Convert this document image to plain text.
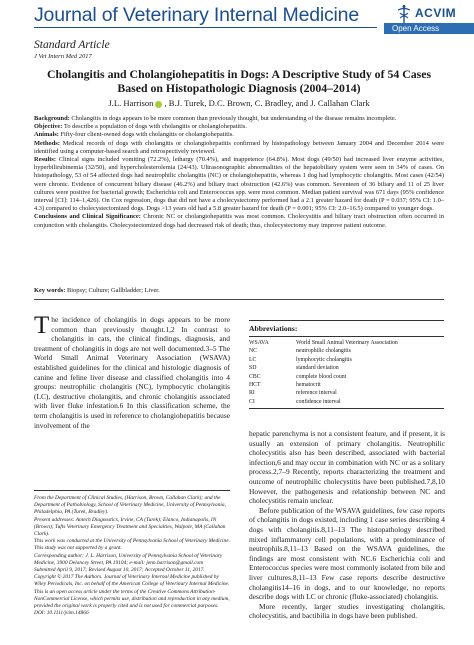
Journal of Veterinary Internal Medicine	ACVIM
Open Access
Standard Article
J Vet Intern Med 2017
Cholangitis and Cholangiohepatitis in Dogs: A Descriptive Study of 54 Cases Based on Histopathologic Diagnosis (2004–2014)
J.L. Harrison , B.J. Turek, D.C. Brown, C. Bradley, and J. Callahan Clark

Background: Cholangitis in dogs appears to be more common than previously thought, but understanding of the disease remains incomplete.

Objective: To describe a population of dogs with cholangitis or cholangiohepatitis.

Animals: Fifty-four client-owned dogs with cholangitis or cholangiohepatitis.

Methods: Medical records of dogs with cholangitis or cholangiohepatitis confirmed by histopathology between January 2004 and December 2014 were identified using a computer-based search and retrospectively reviewed.

Results: Clinical signs included vomiting (72.2%), lethargy (70.4%), and inappetence (64.8%). Most dogs (49/50) had increased liver enzyme activities, hyperbilirubinemia (32/50), and hypercholesterolemia (24/43). Ultrasonographic abnormalities of the hepatobiliary system were seen in 34% of cases. On histopathology, 53 of 54 affected dogs had neutrophilic cholangitis (NC) or cholangiohepatitis, whereas 1 dog had lymphocytic cholangitis. Most cases (42/54) were chronic. Evidence of concurrent biliary disease (46.2%) and biliary tract obstruction (42.6%) was common. Seventeen of 36 biliary and 11 of 25 liver cultures were positive for bacterial growth; Escherichia coli and Enterococcus spp. were most common. Median patient survival was 671 days (95% confidence interval [CI]: 114–1,426). On Cox regression, dogs that did not have a cholecystectomy performed had a 2.1 greater hazard for death (P = 0.037; 95% CI: 1.0–4.3) compared to cholecystectomized dogs. Dogs >13 years old had a 5.8 greater hazard for death (P = 0.001; 95% CI: 2.0–16.5) compared to younger dogs.

Conclusions and Clinical Significance: Chronic NC or cholangiohepatitis was most common. Cholecystitis and biliary tract obstruction often occurred in conjunction with cholangitis. Cholecystectomized dogs had decreased risk of death; thus, cholecystectomy may improve patient outcome.

Key words: Biopsy; Culture; Gallbladder; Liver.

The incidence of cholangitis in dogs appears to be more common than previously thought.1,2 In contrast to cholangitis in cats, the clinical findings, diagnosis, and treatment of cholangitis in dogs are not well documented.3–5 The World Small Animal Veterinary Association (WSAVA) established guidelines for the clinical and histologic diagnosis of canine and feline liver disease and classified cholangitis into 4 groups: neutrophilic cholangitis (NC), lymphocytic cholangitis (LC), destructive cholangitis, and chronic cholangitis associated with liver fluke infestation.6 In this classification scheme, the term cholangitis is used in reference to cholangiohepatitis because involvement of the

From the Department of Clinical Studies, (Harrison, Brown, Callahan Clark); and the Department of Pathobiology, School of Veterinary Medicine, University of Pennsylvania, Philadelphia, PA (Turek, Bradley).

Present addresses: Antech Diagnostics, Irvine, CA (Turek); Elanco, Indianapolis, IN (Brown); Tufts Veterinary Emergency Treatment and Specialties, Walpole, MA (Callahan Clark).

This work was conducted at the University of Pennsylvania School of Veterinary Medicine.

This study was not supported by a grant.

Corresponding author: J. L. Harrison, University of Pennsylvania School of Veterinary Medicine, 3900 Delancey Street, PA 19104; e-mail: jenn.harrison@gmail.com

Submitted April 9, 2017; Revised August 10, 2017; Accepted October 11, 2017.

Copyright © 2017 The Authors. Journal of Veterinary Internal Medicine published by Wiley Periodicals, Inc. on behalf of the American College of Veterinary Internal Medicine.

This is an open access article under the terms of the Creative Commons Attribution-NonCommercial License, which permits use, distribution and reproduction in any medium, provided the original work is properly cited and is not used for commercial purposes.

DOI: 10.1111/jvim.14866

Abbreviations:
WSAVA	World Small Animal Veterinary Association
NC	neutrophilic cholangitis
LC	lymphocytic cholangitis
SD	standard deviation
CBC	complete blood count
HCT	hematocrit
RI	reference interval
CI	confidence interval

hepatic parenchyma is not a consistent feature, and if present, it is usually an extension of primary cholangitis. Neutrophilic cholecystitis also has been described, associated with bacterial infection,6 and may occur in combination with NC or as a solitary process.2,7–9 Recently, reports characterizing the treatment and outcome of neutrophilic cholecystitis have been published.7,8,10 However, the pathogenesis and relationship between NC and cholecystitis remain unclear.

Before publication of the WSAVA guidelines, few case reports of cholangitis in dogs existed, including 1 case series describing 4 dogs with cholangitis.8,11–13 The histopathology described mixed inflammatory cell populations, with a predominance of neutrophils.8,11–13 Based on the WSAVA guidelines, the findings are most consistent with NC.6 Escherichia coli and Enterococcus species were most commonly isolated from bile and liver cultures.8,11–13 Few case reports describe destructive cholangitis14–16 in dogs, and to our knowledge, no reports describe dogs with LC or chronic (fluke-associated) cholangitis.

More recently, larger studies investigating cholangitis, cholecystitis, and bactibilia in dogs have been published.
